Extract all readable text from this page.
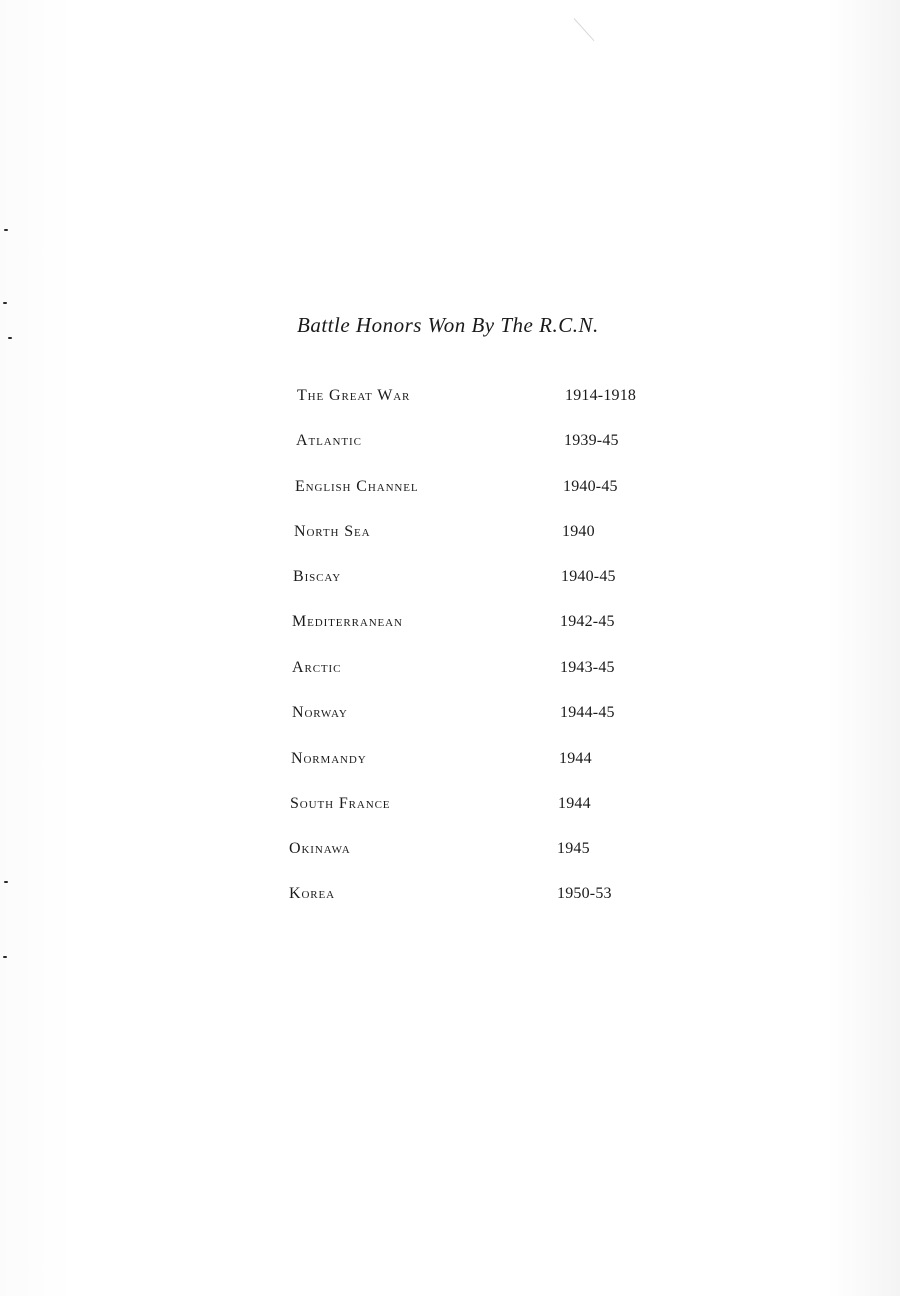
Battle Honors Won By The R.C.N.
The Great War	1914-1918
Atlantic	1939-45
English Channel	1940-45
North Sea	1940
Biscay	1940-45
Mediterranean	1942-45
Arctic	1943-45
Norway	1944-45
Normandy	1944
South France	1944
Okinawa	1945
Korea	1950-53
